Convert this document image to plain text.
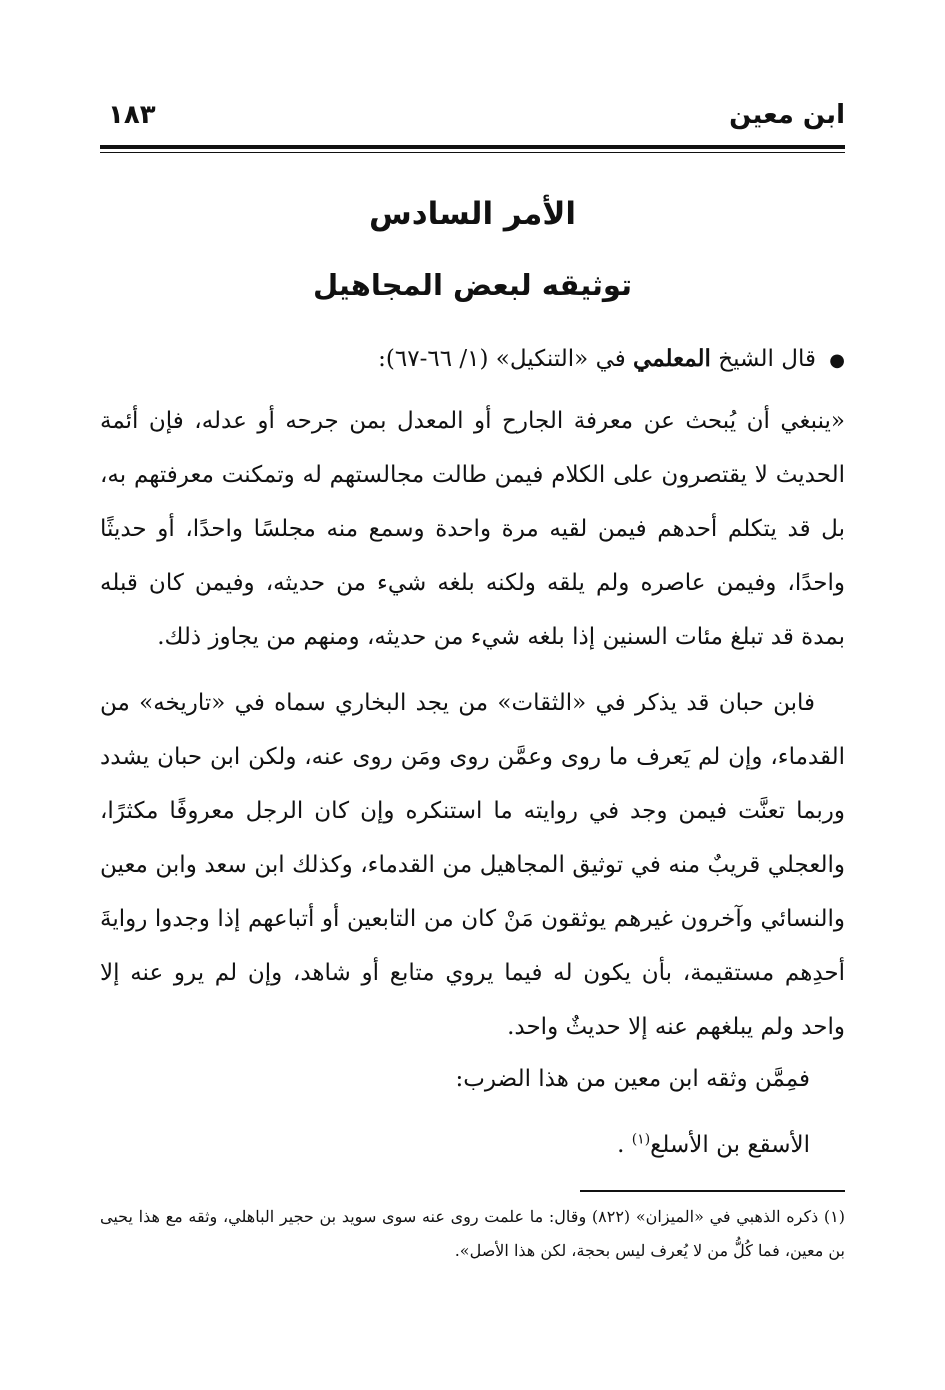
ابن معين
١٨٣
الأمر السادس
توثيقه لبعض المجاهيل
● قال الشيخ المعلمي في «التنكيل» (١/ ٦٦-٦٧):
«ينبغي أن يُبحث عن معرفة الجارح أو المعدل بمن جرحه أو عدله، فإن أئمة الحديث لا يقتصرون على الكلام فيمن طالت مجالستهم له وتمكنت معرفتهم به، بل قد يتكلم أحدهم فيمن لقيه مرة واحدة وسمع منه مجلسًا واحدًا، أو حديثًا واحدًا، وفيمن عاصره ولم يلقه ولكنه بلغه شيء من حديثه، وفيمن كان قبله بمدة قد تبلغ مئات السنين إذا بلغه شيء من حديثه، ومنهم من يجاوز ذلك.
فابن حبان قد يذكر في «الثقات» من يجد البخاري سماه في «تاريخه» من القدماء، وإن لم يَعرف ما روى وعمَّن روى ومَن روى عنه، ولكن ابن حبان يشدد وربما تعنَّت فيمن وجد في روايته ما استنكره وإن كان الرجل معروفًا مكثرًا، والعجلي قريبٌ منه في توثيق المجاهيل من القدماء، وكذلك ابن سعد وابن معين والنسائي وآخرون غيرهم يوثقون مَنْ كان من التابعين أو أتباعهم إذا وجدوا روايةَ أحدِهم مستقيمة، بأن يكون له فيما يروي متابع أو شاهد، وإن لم يرو عنه إلا واحد ولم يبلغهم عنه إلا حديثٌ واحد.
فمِمَّن وثقه ابن معين من هذا الضرب:
الأسقع بن الأسلع$^{(١)}$ .
(١) ذكره الذهبي في «الميزان» (٨٢٢) وقال: ما علمت روى عنه سوى سويد بن حجير الباهلي، وثقه مع هذا يحيى بن معين، فما كُلُّ من لا يُعرف ليس بحجة، لكن هذا الأصل».
